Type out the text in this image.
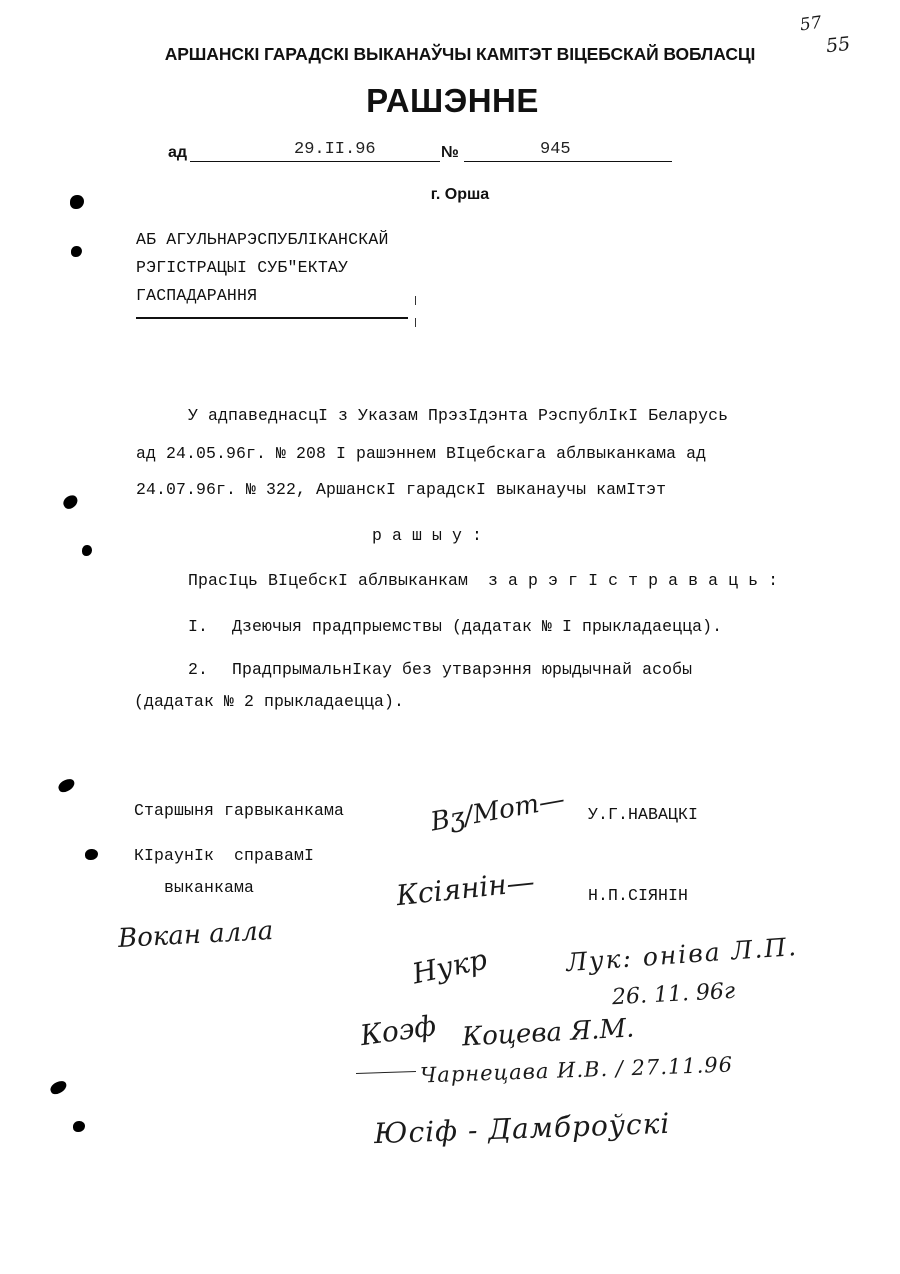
57
55
АРШАНСКІ ГАРАДСКІ ВЫКАНАЎЧЫ КАМІТЭТ ВІЦЕБСКАЙ ВОБЛАСЦІ
РАШЭННЕ
ад	29.II.96	№	945
г. Орша
АБ АГУЛЬНАРЭСПУБЛІКАНСКАЙ
РЭГІСТРАЦЫІ СУБ"ЕКТАУ
ГАСПАДАРАННЯ
У адпаведнасцІ з Указам ПрэзIдэнта РэспублIкI Беларусь
ад 24.05.96г. № 208 I рашэннем ВIцебскага аблвыканкама ад
24.07.96г. № 322, АршанскI гарадскI выканаучы камIтэт
р а ш ы у :
ПрасIць ВIцебскI аблвыканкам  з а р э г I с т р а в а ц ь :
I. Дзеючыя прадпрыемствы (дадатак № I прыкладаецца).
2. ПрадпрымальнIкау без утварэння юрыдычнай асобы
(дадатак № 2 прыкладаецца).
Старшыня гарвыканкама	Вʒ/Мот— У.Г.НАВАЦКІ
КIраунIк  справамI
выканкама	Ксіянін—	Н.П.СІЯНІН
Вокан алла
Нукр	Лук: оніва Л.П.
26. 11. 96г
Коэф Коцева Я.М.
Чарнецава И.В. / 27.11.96
Юсіф - Дамброўскі
